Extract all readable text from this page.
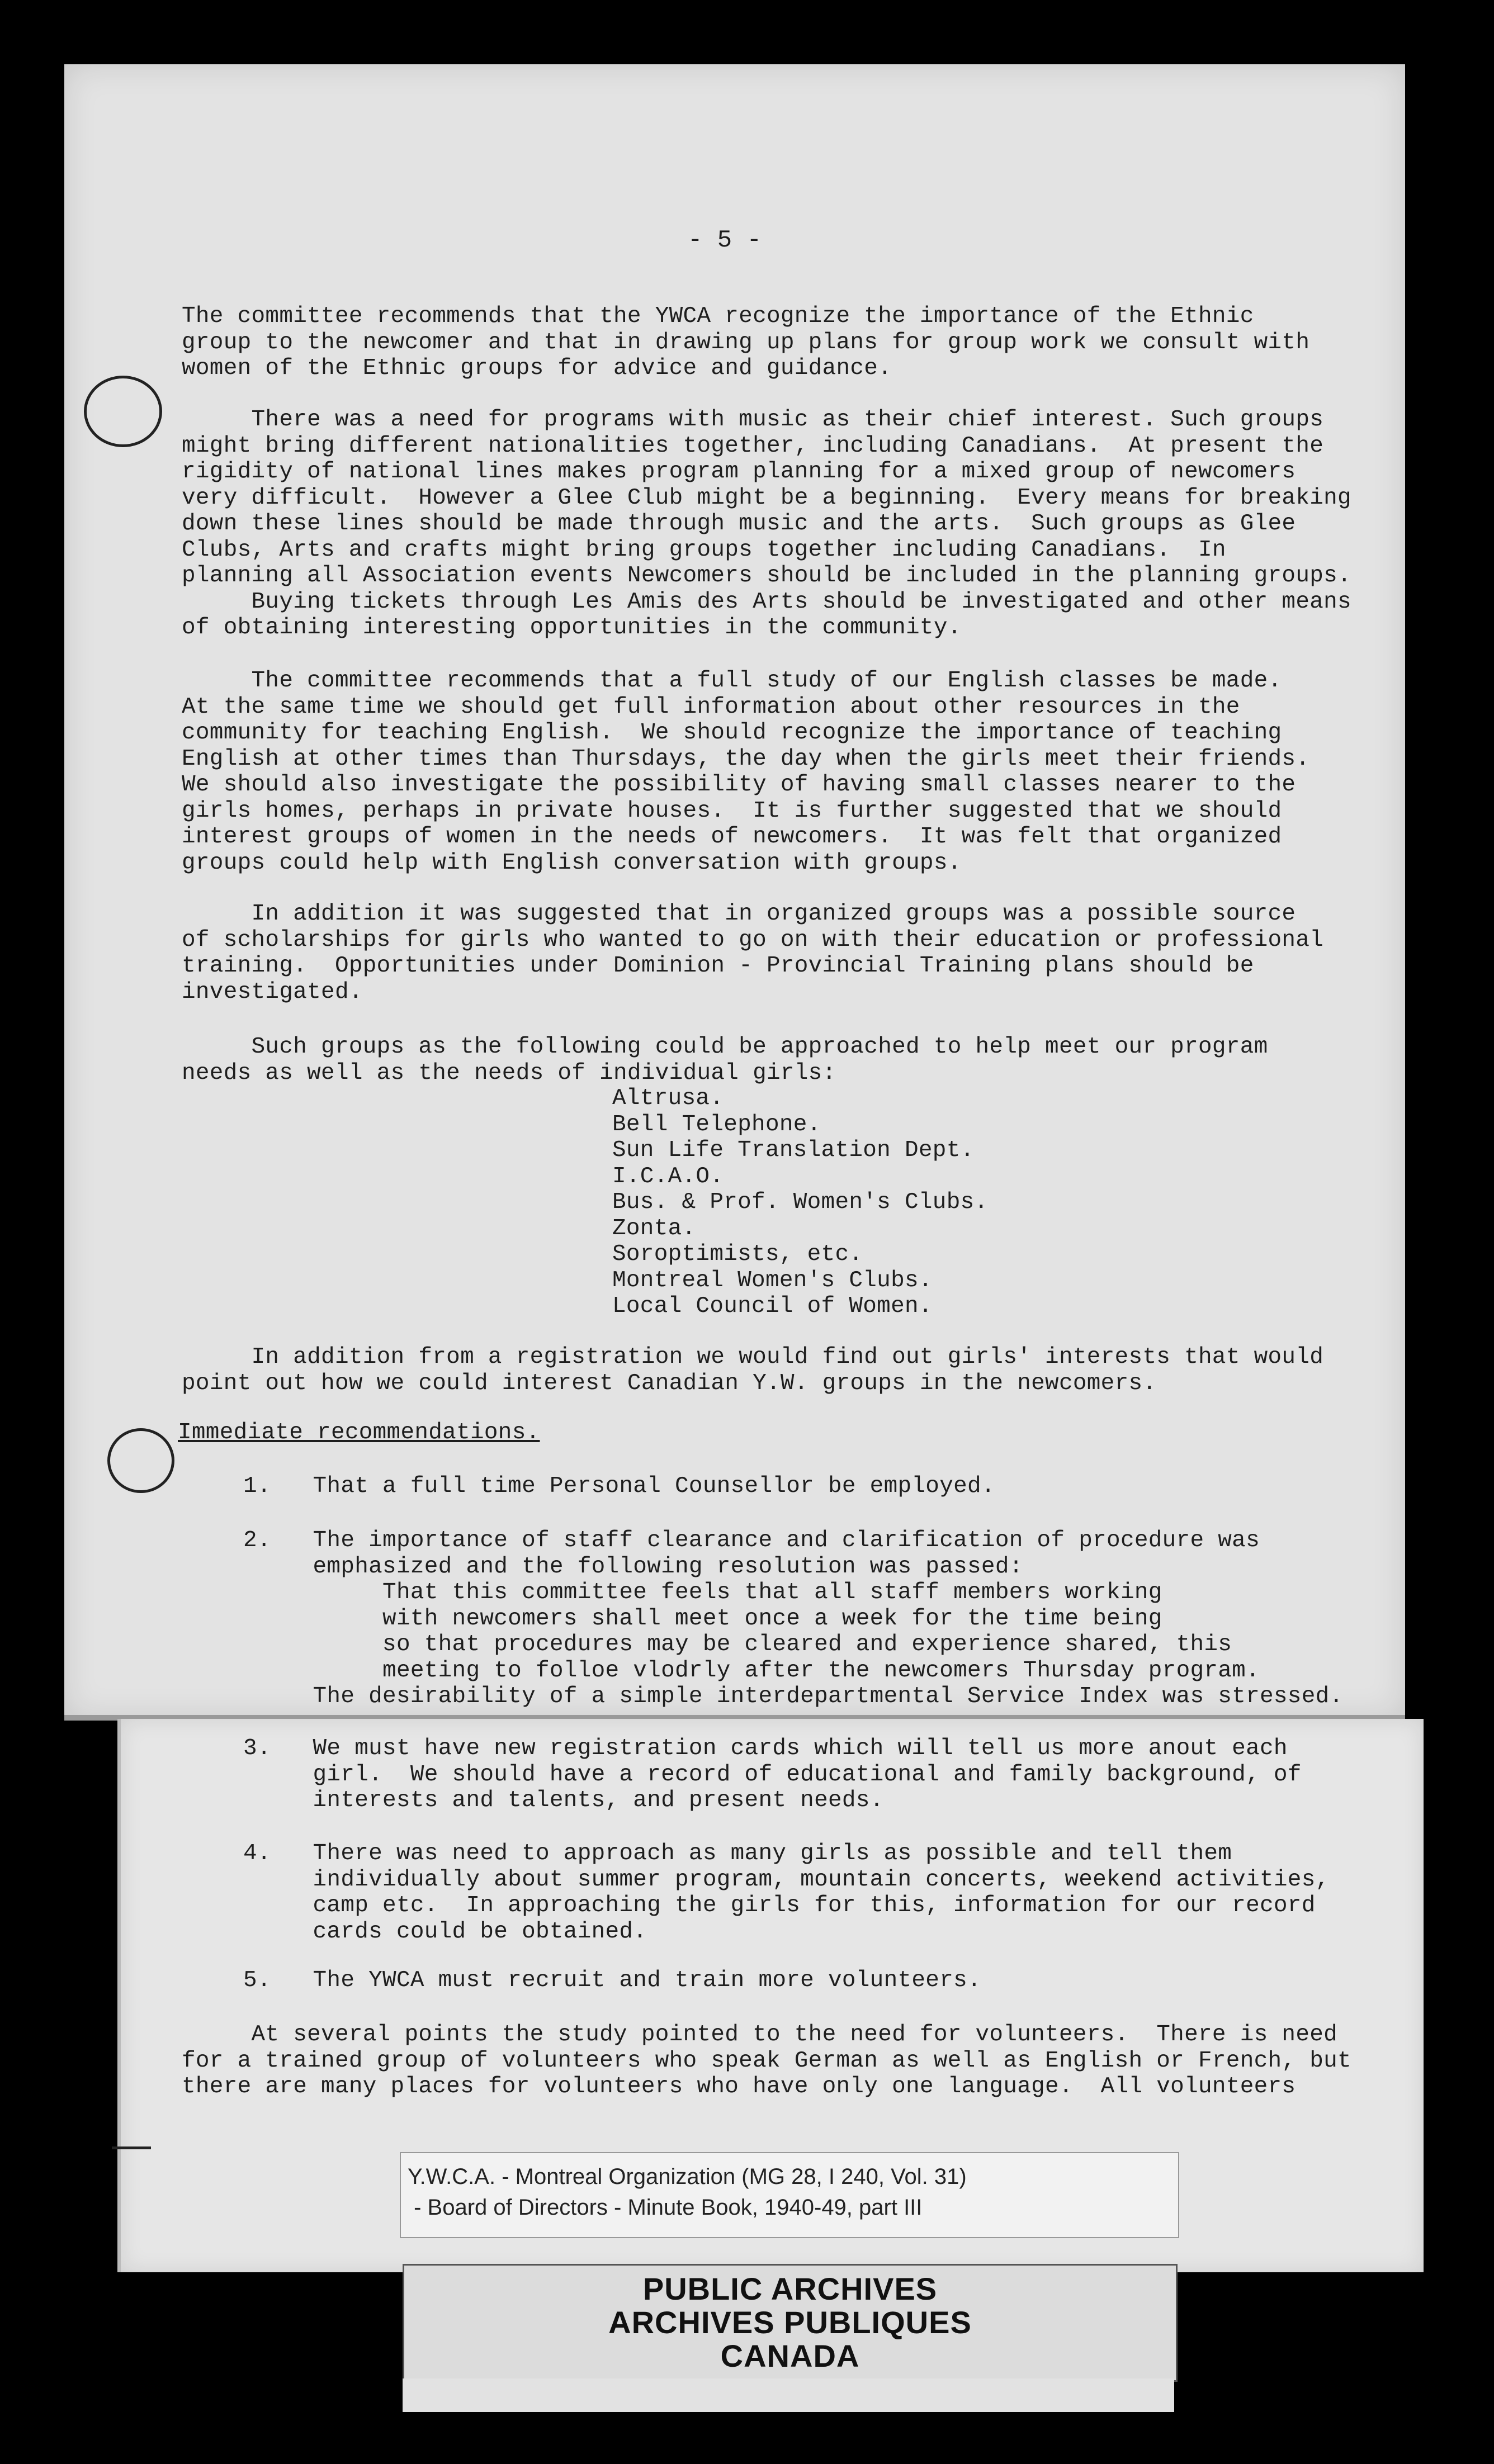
- 5 -

The committee recommends that the YWCA recognize the importance of the Ethnic
group to the newcomer and that in drawing up plans for group work we consult with
women of the Ethnic groups for advice and guidance.

There was a need for programs with music as their chief interest. Such groups
might bring different nationalities together, including Canadians.  At present the
rigidity of national lines makes program planning for a mixed group of newcomers
very difficult.  However a Glee Club might be a beginning.  Every means for breaking
down these lines should be made through music and the arts.  Such groups as Glee
Clubs, Arts and crafts might bring groups together including Canadians.  In
planning all Association events Newcomers should be included in the planning groups.
Buying tickets through Les Amis des Arts should be investigated and other means
of obtaining interesting opportunities in the community.

The committee recommends that a full study of our English classes be made.
At the same time we should get full information about other resources in the
community for teaching English.  We should recognize the importance of teaching
English at other times than Thursdays, the day when the girls meet their friends.
We should also investigate the possibility of having small classes nearer to the
girls homes, perhaps in private houses.  It is further suggested that we should
interest groups of women in the needs of newcomers.  It was felt that organized
groups could help with English conversation with groups.

In addition it was suggested that in organized groups was a possible source
of scholarships for girls who wanted to go on with their education or professional
training.  Opportunities under Dominion - Provincial Training plans should be
investigated.

Such groups as the following could be approached to help meet our program
needs as well as the needs of individual girls:

Altrusa.

Bell Telephone.

Sun Life Translation Dept.

I.C.A.O.

Bus. & Prof. Women's Clubs.

Zonta.

Soroptimists, etc.

Montreal Women's Clubs.

Local Council of Women.

In addition from a registration we would find out girls' interests that would
point out how we could interest Canadian Y.W. groups in the newcomers.

Immediate recommendations.

1.   That a full time Personal Counsellor be employed.

2.   The importance of staff clearance and clarification of procedure was
emphasized and the following resolution was passed:
That this committee feels that all staff members working
with newcomers shall meet once a week for the time being
so that procedures may be cleared and experience shared, this
meeting to folloe vlodrly after the newcomers Thursday program.
The desirability of a simple interdepartmental Service Index was stressed.

3.   We must have new registration cards which will tell us more anout each
girl.  We should have a record of educational and family background, of
interests and talents, and present needs.

4.   There was need to approach as many girls as possible and tell them
individually about summer program, mountain concerts, weekend activities,
camp etc.  In approaching the girls for this, information for our record
cards could be obtained.

5.   The YWCA must recruit and train more volunteers.

At several points the study pointed to the need for volunteers.  There is need
for a trained group of volunteers who speak German as well as English or French, but
there are many places for volunteers who have only one language.  All volunteers

Y.W.C.A. - Montreal Organization (MG 28, I 240, Vol. 31)

- Board of Directors - Minute Book, 1940-49, part III

PUBLIC ARCHIVES
ARCHIVES PUBLIQUES
CANADA
